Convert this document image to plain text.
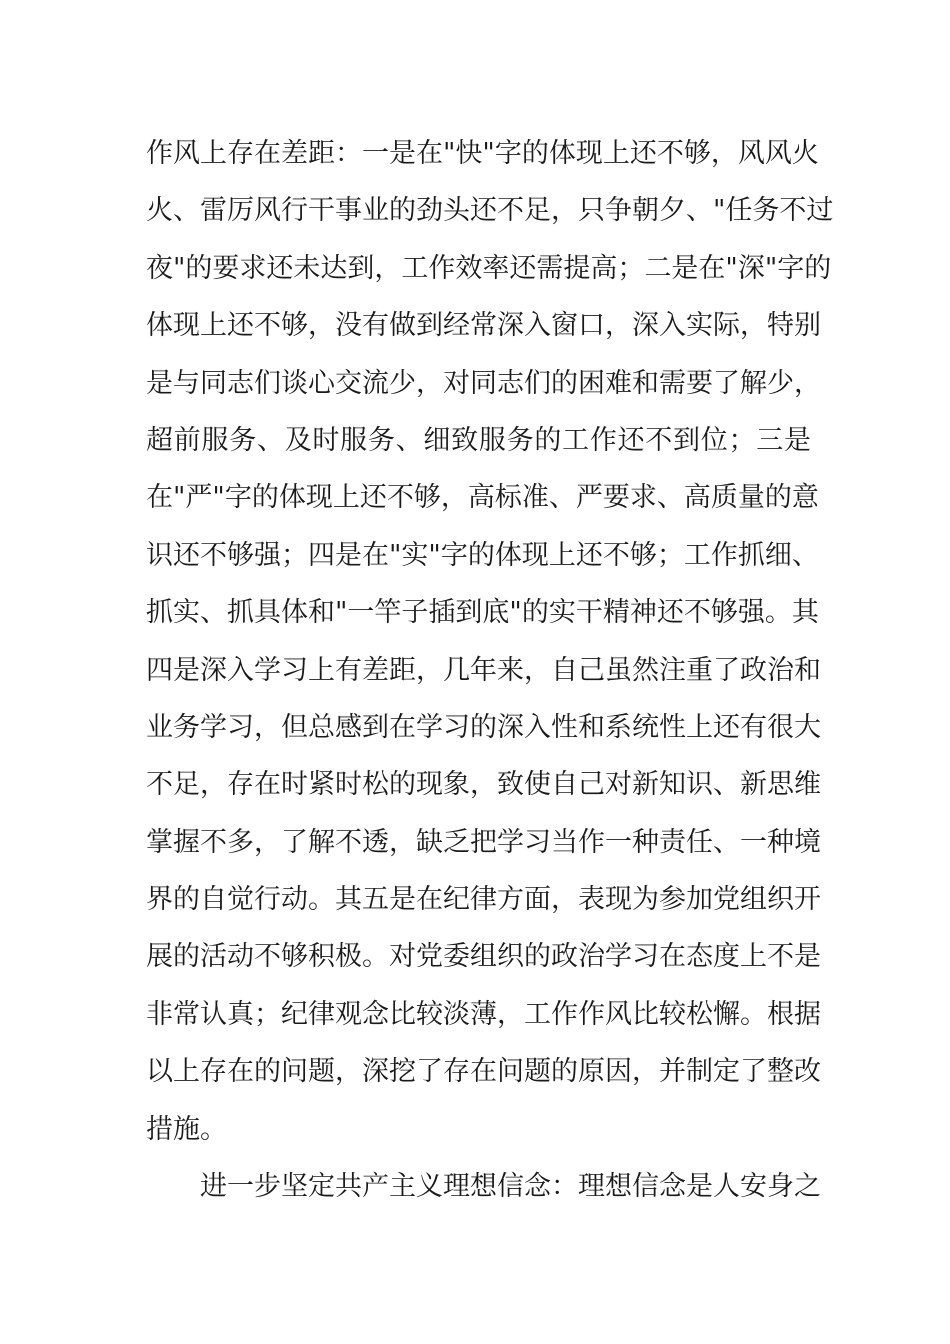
作风上存在差距：一是在"快"字的体现上还不够，风风火
火、雷厉风行干事业的劲头还不足，只争朝夕、"任务不过
夜"的要求还未达到，工作效率还需提高；二是在"深"字的
体现上还不够，没有做到经常深入窗口，深入实际，特别
是与同志们谈心交流少，对同志们的困难和需要了解少，
超前服务、及时服务、细致服务的工作还不到位；三是
在"严"字的体现上还不够，高标准、严要求、高质量的意
识还不够强；四是在"实"字的体现上还不够；工作抓细、
抓实、抓具体和"一竿子插到底"的实干精神还不够强。其
四是深入学习上有差距，几年来，自己虽然注重了政治和
业务学习，但总感到在学习的深入性和系统性上还有很大
不足，存在时紧时松的现象，致使自己对新知识、新思维
掌握不多，了解不透，缺乏把学习当作一种责任、一种境
界的自觉行动。其五是在纪律方面，表现为参加党组织开
展的活动不够积极。对党委组织的政治学习在态度上不是
非常认真；纪律观念比较淡薄，工作作风比较松懈。根据
以上存在的问题，深挖了存在问题的原因，并制定了整改
措施。
进一步坚定共产主义理想信念：理想信念是人安身之
